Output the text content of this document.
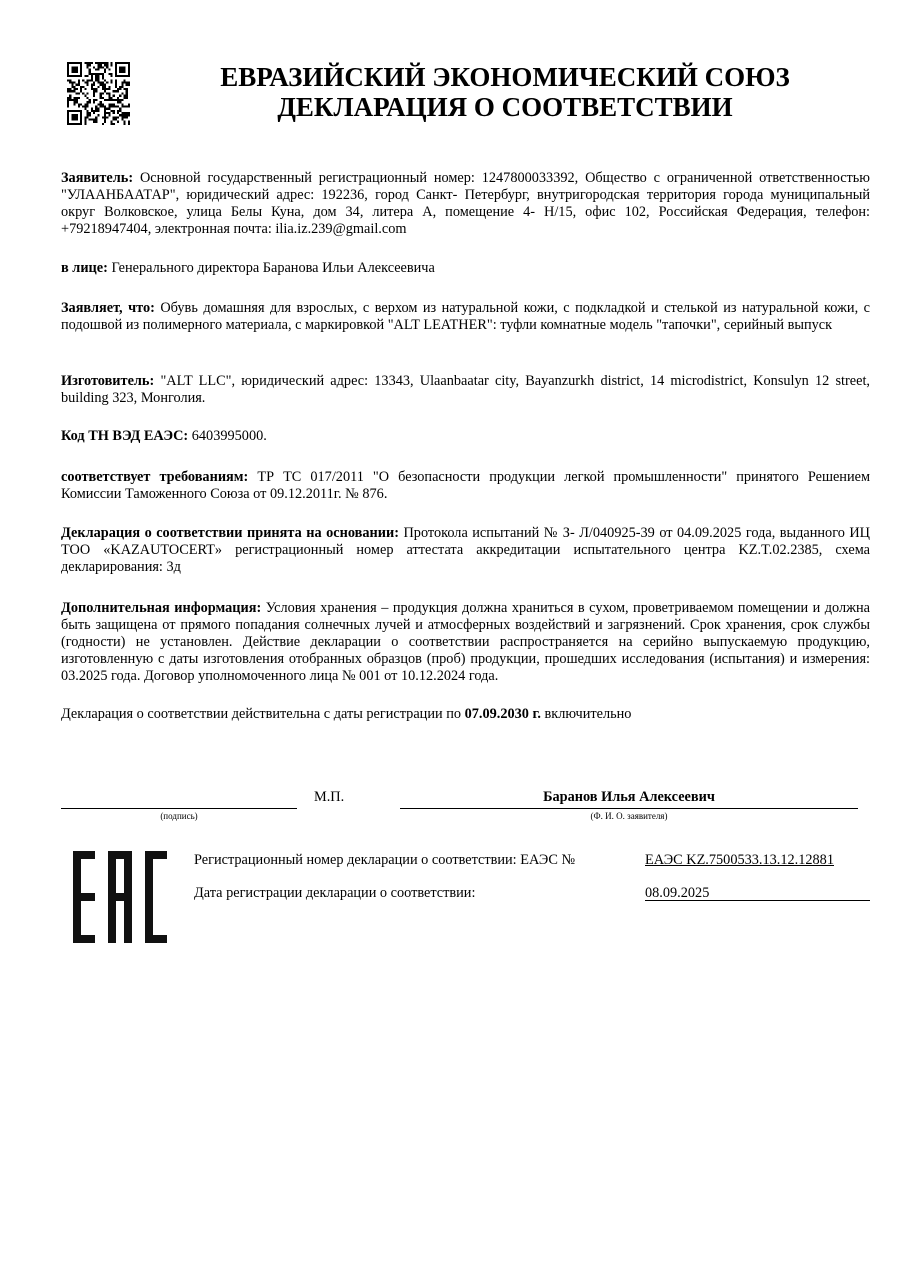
ЕВРАЗИЙСКИЙ ЭКОНОМИЧЕСКИЙ СОЮЗ
ДЕКЛАРАЦИЯ О СООТВЕТСТВИИ
Заявитель: Основной государственный регистрационный номер: 1247800033392, Общество с ограниченной ответственностью "УЛААНБААТАР", юридический адрес: 192236, город Санкт- Петербург, внутригородская территория города муниципальный округ Волковское, улица Белы Куна, дом 34, литера А, помещение 4- Н/15, офис 102, Российская Федерация, телефон: +79218947404, электронная почта: ilia.iz.239@gmail.com
в лице: Генерального директора Баранова Ильи Алексеевича
Заявляет, что: Обувь домашняя для взрослых, с верхом из натуральной кожи, с подкладкой и стелькой из натуральной кожи, с подошвой из полимерного материала, с маркировкой "ALT LEATHER": туфли комнатные модель "тапочки", серийный выпуск
Изготовитель: "ALT LLC", юридический адрес: 13343, Ulaanbaatar city, Bayanzurkh district, 14 microdistrict, Konsulyn 12 street, building 323, Монголия.
Код ТН ВЭД ЕАЭС: 6403995000.
соответствует требованиям: ТР ТС 017/2011 "О безопасности продукции легкой промышленности" принятого Решением Комиссии Таможенного Союза от 09.12.2011г. № 876.
Декларация о соответствии принята на основании: Протокола испытаний № З- Л/040925-39 от 04.09.2025 года, выданного ИЦ ТОО «KAZAUTOCERT» регистрационный номер аттестата аккредитации испытательного центра KZ.T.02.2385, схема декларирования: 3д
Дополнительная информация: Условия хранения – продукция должна храниться в сухом, проветриваемом помещении и должна быть защищена от прямого попадания солнечных лучей и атмосферных воздействий и загрязнений. Срок хранения, срок службы (годности) не установлен. Действие декларации о соответствии распространяется на серийно выпускаемую продукцию, изготовленную с даты изготовления отобранных образцов (проб) продукции, прошедших исследования (испытания) и измерения: 03.2025 года. Договор уполномоченного лица № 001 от 10.12.2024 года.
Декларация о соответствии действительна с даты регистрации по 07.09.2030 г. включительно
(подпись)
М.П.	Баранов Илья Алексеевич
(Ф. И. О. заявителя)
Регистрационный номер декларации о соответствии: ЕАЭС №	ЕАЭС KZ.7500533.13.12.12881
Дата регистрации декларации о соответствии:	08.09.2025
